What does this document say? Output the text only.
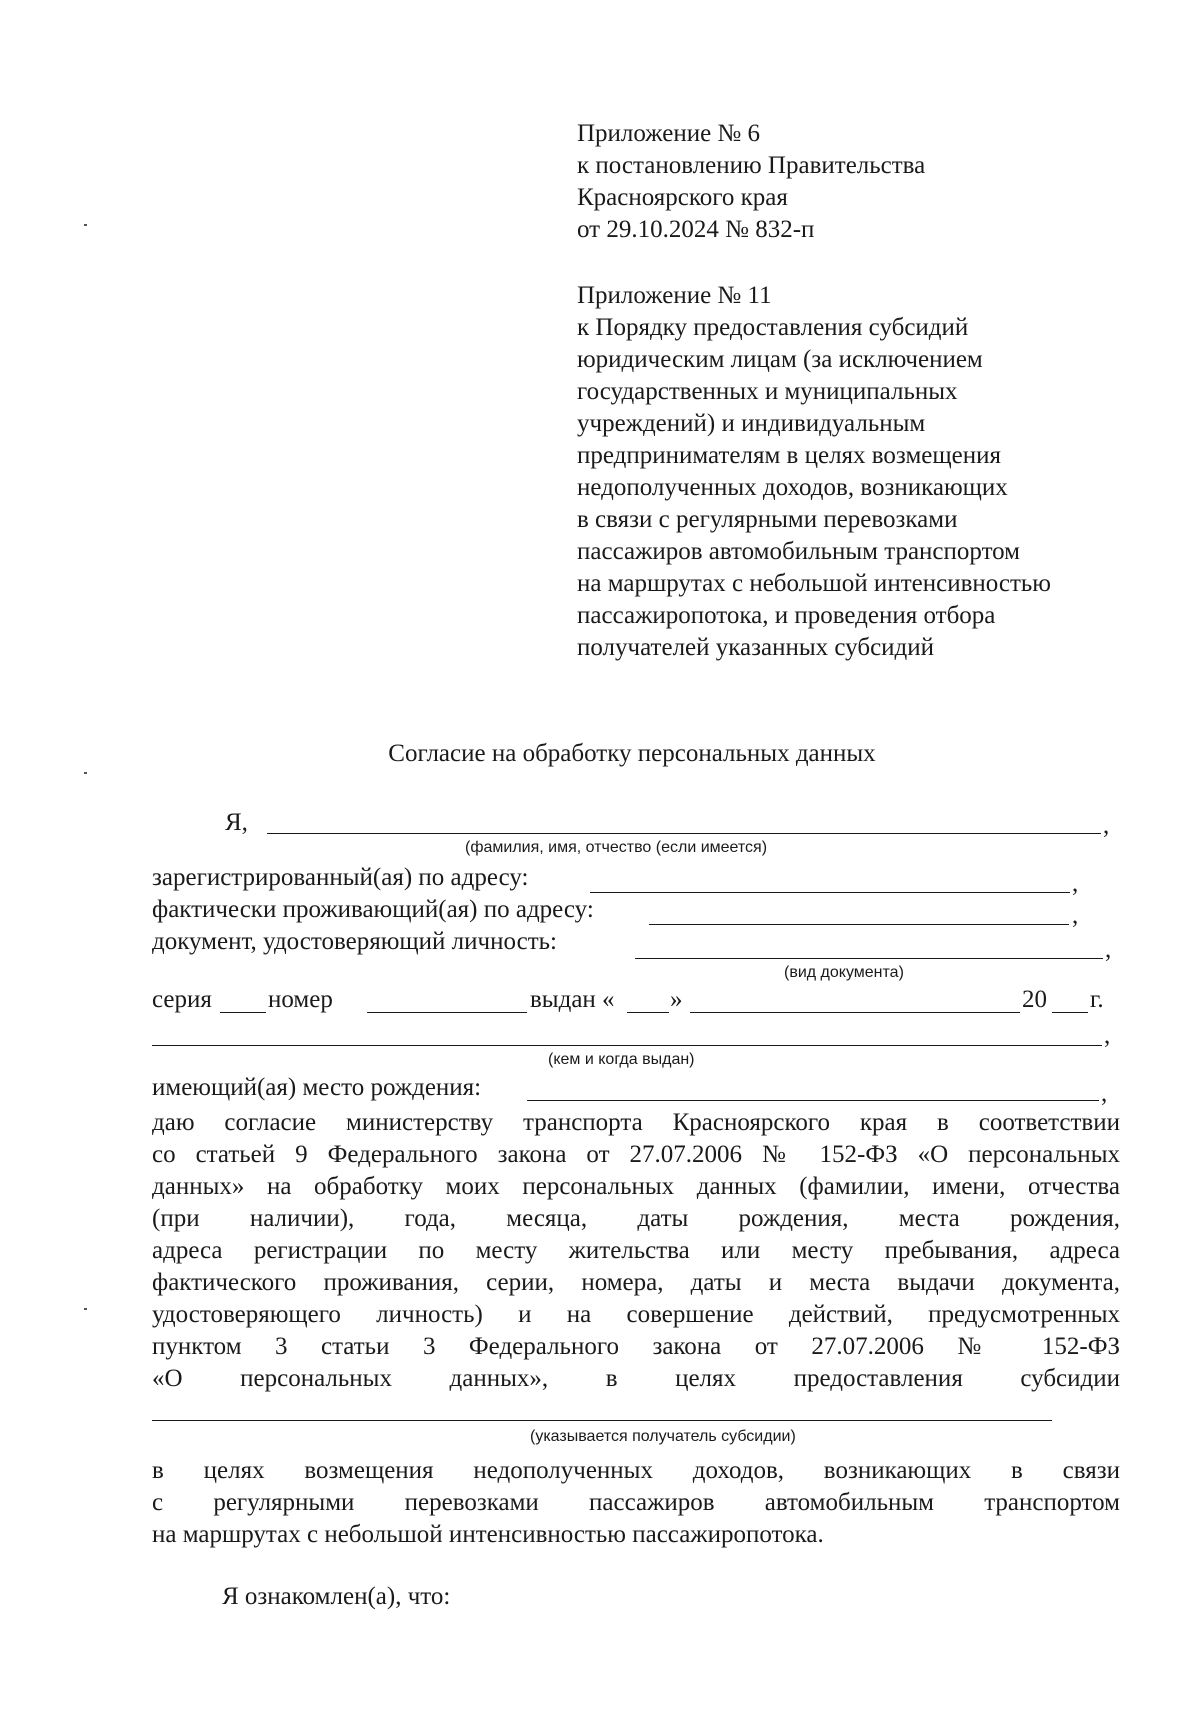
Приложение № 6
к постановлению Правительства
Красноярского края
от 29.10.2024 № 832-п
Приложение № 11
к Порядку предоставления субсидий
юридическим лицам (за исключением
государственных и муниципальных
учреждений) и индивидуальным
предпринимателям в целях возмещения
недополученных доходов, возникающих
в связи с регулярными перевозками
пассажиров автомобильным транспортом
на маршрутах с небольшой интенсивностью
пассажиропотока, и проведения отбора
получателей указанных субсидий
Согласие на обработку персональных данных
Я,	,
(фамилия, имя, отчество (если имеется)
зарегистрированный(ая) по адресу:	,
фактически проживающий(ая) по адресу:	,
документ, удостоверяющий личность:	,
(вид документа)
серия номер	выдан « »	20 г.
,
(кем и когда выдан)
имеющий(ая) место рождения:	,
даю согласие министерству транспорта Красноярского края в соответствии
со статьей 9 Федерального закона от 27.07.2006 № 152-ФЗ «О персональных
данных» на обработку моих персональных данных (фамилии, имени, отчества
(при наличии), года, месяца, даты рождения, места рождения,
адреса регистрации по месту жительства или месту пребывания, адреса
фактического проживания, серии, номера, даты и места выдачи документа,
удостоверяющего личность) и на совершение действий, предусмотренных
пунктом 3 статьи 3 Федерального закона от 27.07.2006 № 152-ФЗ
«О персональных данных», в целях предоставления субсидии
(указывается получатель субсидии)
в целях возмещения недополученных доходов, возникающих в связи
с регулярными перевозками пассажиров автомобильным транспортом
на маршрутах с небольшой интенсивностью пассажиропотока.
Я ознакомлен(а), что:
